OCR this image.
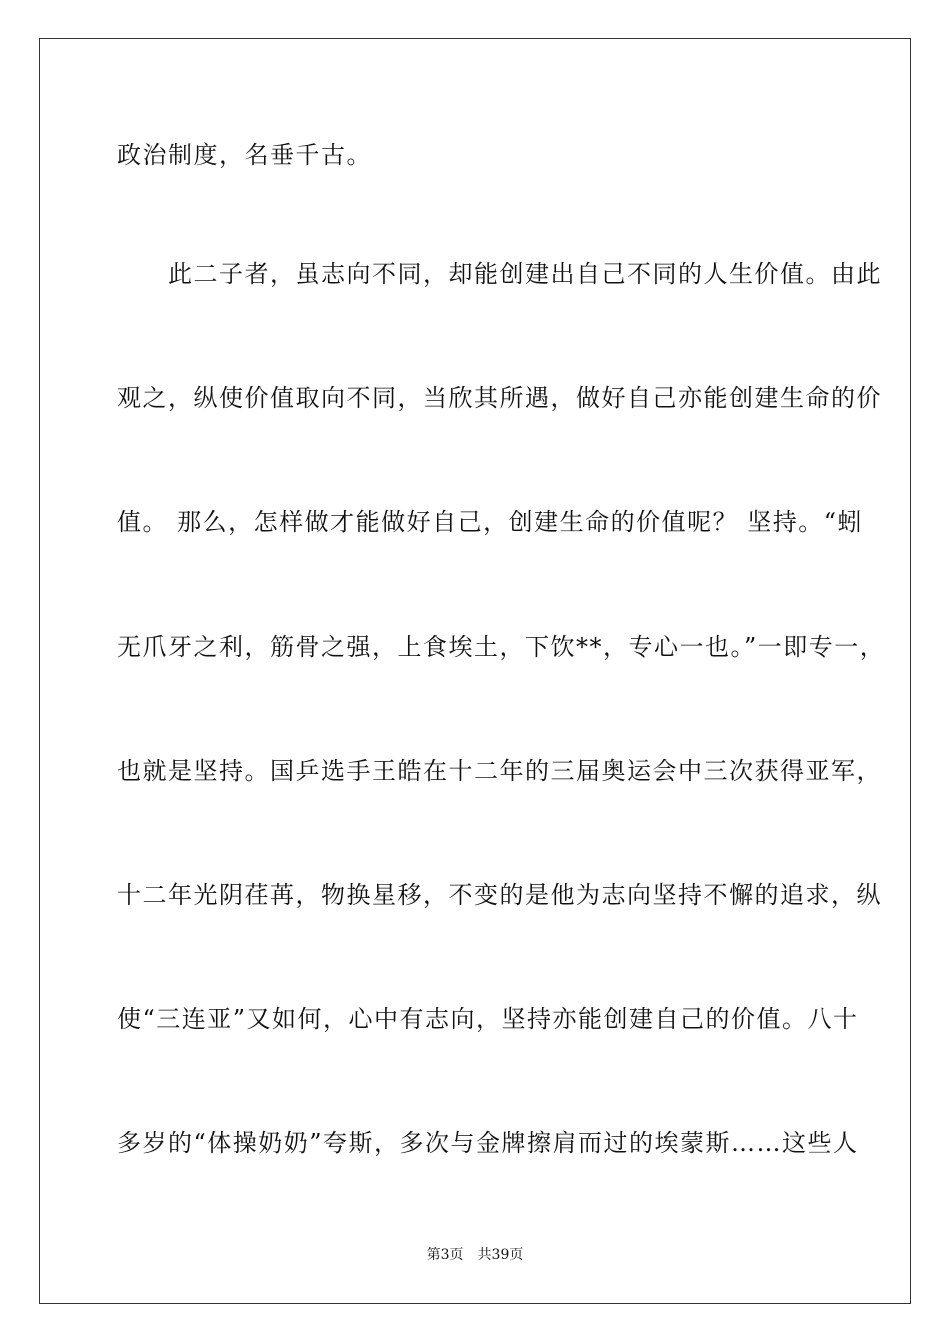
政治制度，名垂千古。
　　此二子者，虽志向不同，却能创建出自己不同的人生价值。由此
观之，纵使价值取向不同，当欣其所遇，做好自己亦能创建生命的价
值。 那么，怎样做才能做好自己，创建生命的价值呢？ 坚持。“蚓
无爪牙之利，筋骨之强，上食埃土，下饮**，专心一也。”一即专一，
也就是坚持。国乒选手王皓在十二年的三届奥运会中三次获得亚军，
十二年光阴荏苒，物换星移，不变的是他为志向坚持不懈的追求，纵
使“三连亚”又如何，心中有志向，坚持亦能创建自己的价值。八十
多岁的“体操奶奶”夸斯，多次与金牌擦肩而过的埃蒙斯……这些人
第3页 共39页
